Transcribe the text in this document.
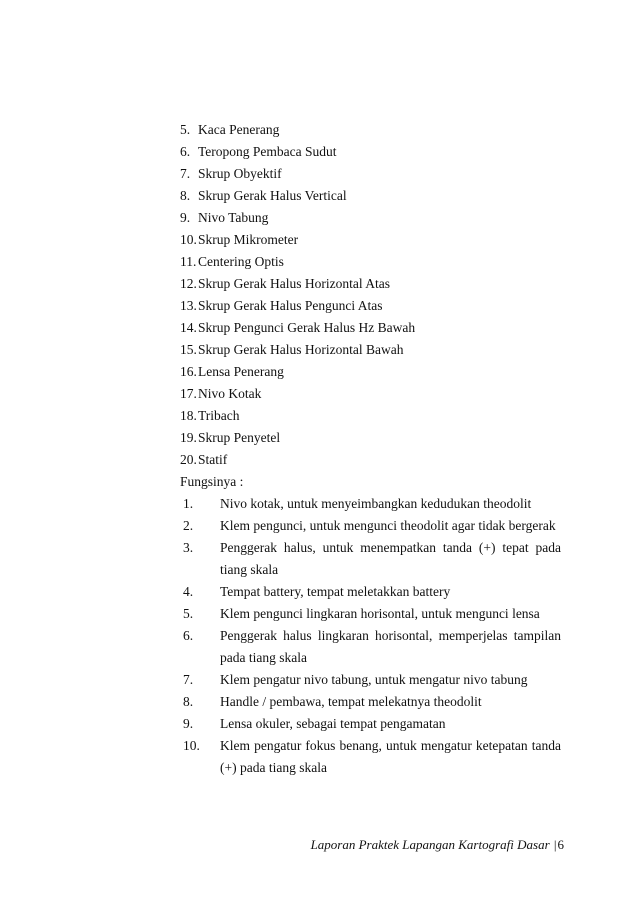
5. Kaca Penerang
6. Teropong Pembaca Sudut
7. Skrup Obyektif
8. Skrup Gerak Halus Vertical
9. Nivo Tabung
10. Skrup Mikrometer
11. Centering Optis
12. Skrup Gerak Halus Horizontal Atas
13. Skrup Gerak Halus Pengunci Atas
14. Skrup Pengunci Gerak Halus Hz Bawah
15. Skrup Gerak Halus Horizontal Bawah
16. Lensa Penerang
17. Nivo Kotak
18. Tribach
19. Skrup Penyetel
20. Statif
Fungsinya :
1.	Nivo kotak, untuk menyeimbangkan kedudukan theodolit
2.	Klem pengunci, untuk mengunci theodolit agar tidak bergerak
3.	Penggerak halus, untuk menempatkan tanda (+) tepat pada
tiang skala
4.	Tempat battery, tempat meletakkan battery
5.	Klem pengunci lingkaran horisontal, untuk mengunci lensa
6.	Penggerak halus lingkaran horisontal, memperjelas tampilan
pada tiang skala
7.	Klem pengatur nivo tabung, untuk mengatur nivo tabung
8.	Handle / pembawa, tempat melekatnya theodolit
9.	Lensa okuler, sebagai tempat pengamatan
10.	Klem pengatur fokus benang, untuk mengatur ketepatan tanda
(+) pada tiang skala
Laporan Praktek Lapangan Kartografi Dasar |6
